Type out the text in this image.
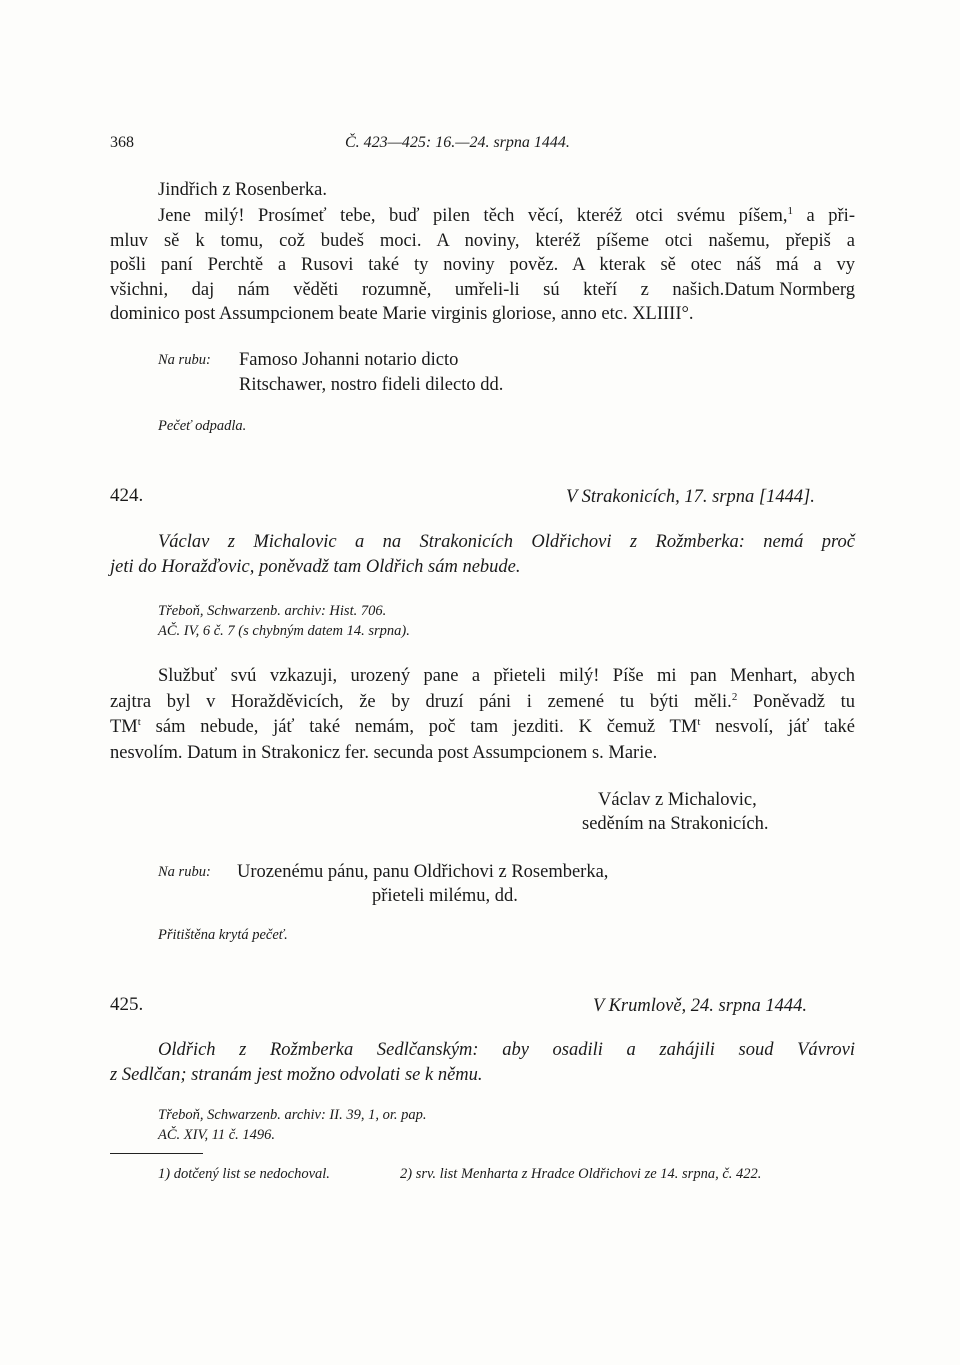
368	Č. 423—425: 16.—24. srpna 1444.
Jindřich z Rosenberka.
Jene milý! Prosímeť tebe, buď pilen těch věcí, kteréž otci svému píšem,$^1$ a při-
mluv sě k tomu, což budeš moci. A noviny, kteréž píšeme otci našemu, přepiš a
pošli paní Perchtě a Rusovi také ty noviny pověz. A kterak sě otec náš má a vy
všichni, daj nám věděti rozumně, umřeli-li sú kteří z našich. Datum Normberg
dominico post Assumpcionem beate Marie virginis gloriose, anno etc. XLIIII°.
Na rubu: Famoso Johanni notario dicto
Ritschawer, nostro fideli dilecto dd.
Pečeť odpadla.
424.	V Strakonicích, 17. srpna [1444].
Václav z Michalovic a na Strakonicích Oldřichovi z Rožmberka: nemá proč
jeti do Horažďovic, poněvadž tam Oldřich sám nebude.
Třeboň, Schwarzenb. archiv: Hist. 706.
AČ. IV, 6 č. 7 (s chybným datem 14. srpna).
Službuť svú vzkazuji, urozený pane a přieteli milý! Píše mi pan Menhart, abych
zajtra byl v Horažděvicích, že by druzí páni i zemené tu býti měli.$^2$ Poněvadž tu
$TM^t$ sám nebude, jáť také nemám, poč tam jezditi. K čemuž $TM^t$ nesvolí, jáť také
nesvolím. Datum in Strakonicz fer. secunda post Assumpcionem s. Marie.
Václav z Michalovic,
seděním na Strakonicích.
Na rubu: Urozenému pánu, panu Oldřichovi z Rosemberka,
přieteli milému, dd.
Přitištěna krytá pečeť.
425.	V Krumlově, 24. srpna 1444.
Oldřich z Rožmberka Sedlčanským: aby osadili a zahájili soud Vávrovi
z Sedlčan; stranám jest možno odvolati se k němu.
Třeboň, Schwarzenb. archiv: II. 39, 1, or. pap.
AČ. XIV, 11 č. 1496.
1) dotčený list se nedochoval.	2) srv. list Menharta z Hradce Oldřichovi ze 14. srpna, č. 422.
